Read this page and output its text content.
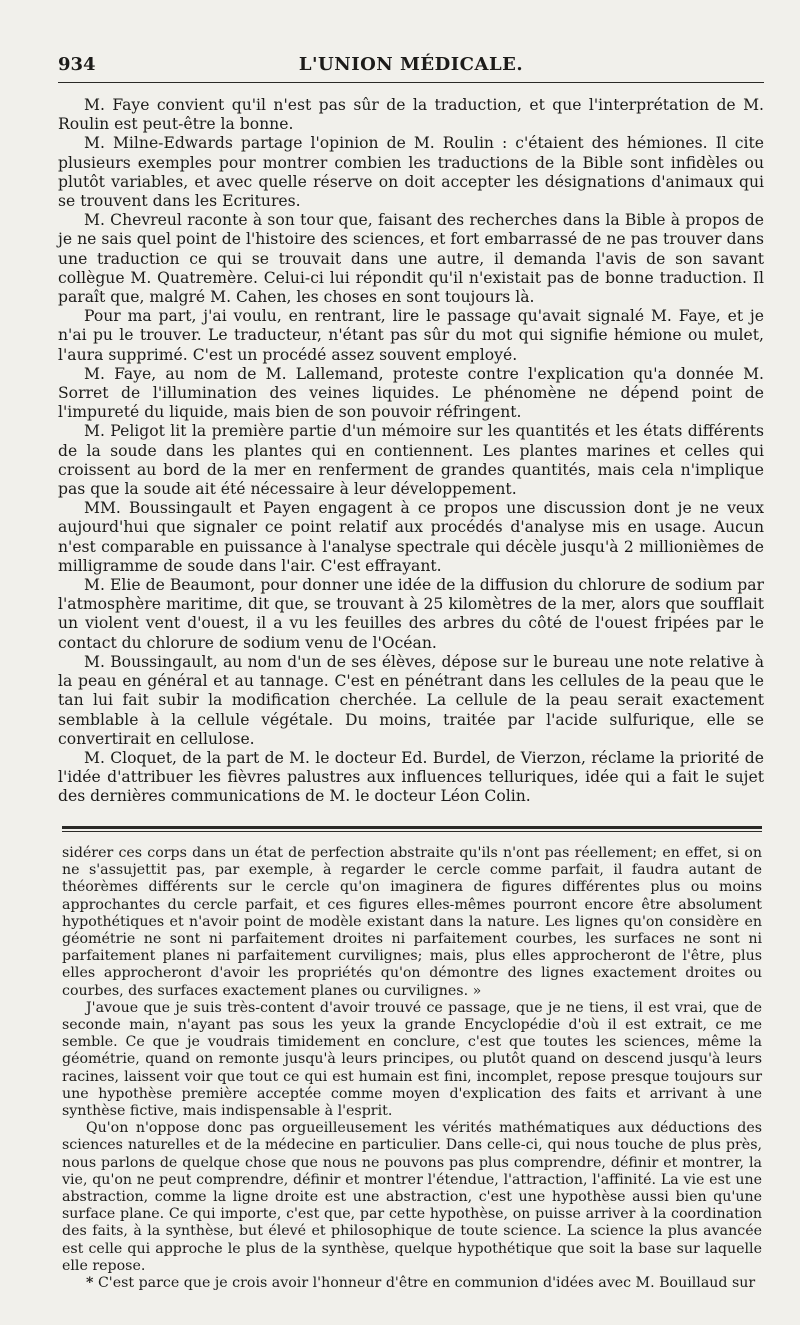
934	L'UNION MÉDICALE.

M. Faye convient qu'il n'est pas sûr de la traduction, et que l'interprétation de M. Roulin est peut-être la bonne.

M. Milne-Edwards partage l'opinion de M. Roulin : c'étaient des hémiones. Il cite plusieurs exemples pour montrer combien les traductions de la Bible sont infidèles ou plutôt variables, et avec quelle réserve on doit accepter les désignations d'animaux qui se trouvent dans les Ecritures.

M. Chevreul raconte à son tour que, faisant des recherches dans la Bible à propos de je ne sais quel point de l'histoire des sciences, et fort embarrassé de ne pas trouver dans une traduction ce qui se trouvait dans une autre, il demanda l'avis de son savant collègue M. Quatremère. Celui-ci lui répondit qu'il n'existait pas de bonne traduction. Il paraît que, malgré M. Cahen, les choses en sont toujours là.

Pour ma part, j'ai voulu, en rentrant, lire le passage qu'avait signalé M. Faye, et je n'ai pu le trouver. Le traducteur, n'étant pas sûr du mot qui signifie hémione ou mulet, l'aura supprimé. C'est un procédé assez souvent employé.

M. Faye, au nom de M. Lallemand, proteste contre l'explication qu'a donnée M. Sorret de l'illumination des veines liquides. Le phénomène ne dépend point de l'impureté du liquide, mais bien de son pouvoir réfringent.

M. Peligot lit la première partie d'un mémoire sur les quantités et les états différents de la soude dans les plantes qui en contiennent. Les plantes marines et celles qui croissent au bord de la mer en renferment de grandes quantités, mais cela n'implique pas que la soude ait été nécessaire à leur développement.

MM. Boussingault et Payen engagent à ce propos une discussion dont je ne veux aujourd'hui que signaler ce point relatif aux procédés d'analyse mis en usage. Aucun n'est comparable en puissance à l'analyse spectrale qui décèle jusqu'à 2 millionièmes de milligramme de soude dans l'air. C'est effrayant.

M. Elie de Beaumont, pour donner une idée de la diffusion du chlorure de sodium par l'atmosphère maritime, dit que, se trouvant à 25 kilomètres de la mer, alors que soufflait un violent vent d'ouest, il a vu les feuilles des arbres du côté de l'ouest fripées par le contact du chlorure de sodium venu de l'Océan.

M. Boussingault, au nom d'un de ses élèves, dépose sur le bureau une note relative à la peau en général et au tannage. C'est en pénétrant dans les cellules de la peau que le tan lui fait subir la modification cherchée. La cellule de la peau serait exactement semblable à la cellule végétale. Du moins, traitée par l'acide sulfurique, elle se convertirait en cellulose.

M. Cloquet, de la part de M. le docteur Ed. Burdel, de Vierzon, réclame la priorité de l'idée d'attribuer les fièvres palustres aux influences telluriques, idée qui a fait le sujet des dernières communications de M. le docteur Léon Colin.

sidérer ces corps dans un état de perfection abstraite qu'ils n'ont pas réellement; en effet, si on ne s'assujettit pas, par exemple, à regarder le cercle comme parfait, il faudra autant de théorèmes différents sur le cercle qu'on imaginera de figures différentes plus ou moins approchantes du cercle parfait, et ces figures elles-mêmes pourront encore être absolument hypothétiques et n'avoir point de modèle existant dans la nature. Les lignes qu'on considère en géométrie ne sont ni parfaitement droites ni parfaitement courbes, les surfaces ne sont ni parfaitement planes ni parfaitement curvilignes; mais, plus elles approcheront de l'être, plus elles approcheront d'avoir les propriétés qu'on démontre des lignes exactement droites ou courbes, des surfaces exactement planes ou curvilignes. »

J'avoue que je suis très-content d'avoir trouvé ce passage, que je ne tiens, il est vrai, que de seconde main, n'ayant pas sous les yeux la grande Encyclopédie d'où il est extrait, ce me semble. Ce que je voudrais timidement en conclure, c'est que toutes les sciences, même la géométrie, quand on remonte jusqu'à leurs principes, ou plutôt quand on descend jusqu'à leurs racines, laissent voir que tout ce qui est humain est fini, incomplet, repose presque toujours sur une hypothèse première acceptée comme moyen d'explication des faits et arrivant à une synthèse fictive, mais indispensable à l'esprit.

Qu'on n'oppose donc pas orgueilleusement les vérités mathématiques aux déductions des sciences naturelles et de la médecine en particulier. Dans celle-ci, qui nous touche de plus près, nous parlons de quelque chose que nous ne pouvons pas plus comprendre, définir et montrer, la vie, qu'on ne peut comprendre, définir et montrer l'étendue, l'attraction, l'affinité. La vie est une abstraction, comme la ligne droite est une abstraction, c'est une hypothèse aussi bien qu'une surface plane. Ce qui importe, c'est que, par cette hypothèse, on puisse arriver à la coordination des faits, à la synthèse, but élevé et philosophique de toute science. La science la plus avancée est celle qui approche le plus de la synthèse, quelque hypothétique que soit la base sur laquelle elle repose.

* C'est parce que je crois avoir l'honneur d'être en communion d'idées avec M. Bouillaud sur
